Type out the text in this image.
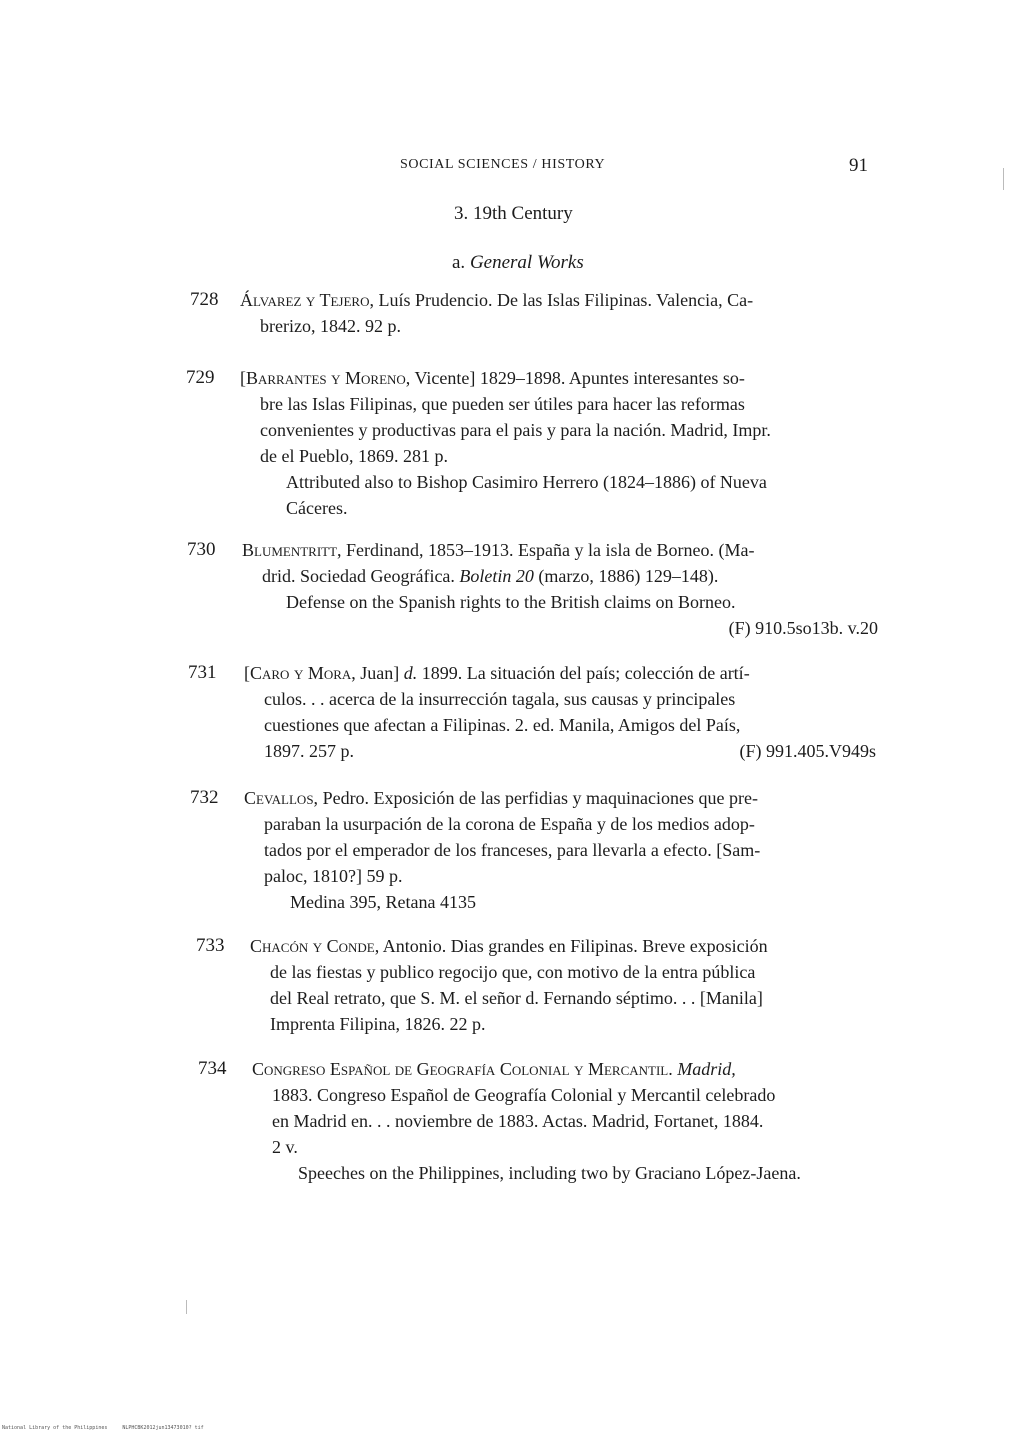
SOCIAL SCIENCES / HISTORY	91
3. 19th Century
a. General Works
728 Álvarez y Tejero, Luís Prudencio. De las Islas Filipinas. Valencia, Ca-
brerizo, 1842. 92 p.
729 [Barrantes y Moreno, Vicente] 1829–1898. Apuntes interesantes so-
bre las Islas Filipinas, que pueden ser útiles para hacer las reformas
convenientes y productivas para el pais y para la nación. Madrid, Impr.
de el Pueblo, 1869. 281 p.
Attributed also to Bishop Casimiro Herrero (1824–1886) of Nueva
Cáceres.
730 Blumentritt, Ferdinand, 1853–1913. España y la isla de Borneo. (Ma-
drid. Sociedad Geográfica. Boletin 20 (marzo, 1886) 129–148).
Defense on the Spanish rights to the British claims on Borneo.
(F) 910.5so13b. v.20
731 [Caro y Mora, Juan] d. 1899. La situación del país; colección de artí-
culos. . . acerca de la insurrección tagala, sus causas y principales
cuestiones que afectan a Filipinas. 2. ed. Manila, Amigos del País,
1897. 257 p.	(F) 991.405.V949s
732 Cevallos, Pedro. Exposición de las perfidias y maquinaciones que pre-
paraban la usurpación de la corona de España y de los medios adop-
tados por el emperador de los franceses, para llevarla a efecto. [Sam-
paloc, 1810?] 59 p.
Medina 395, Retana 4135
733 Chacón y Conde, Antonio. Dias grandes en Filipinas. Breve exposición
de las fiestas y publico regocijo que, con motivo de la entra pública
del Real retrato, que S. M. el señor d. Fernando séptimo. . . [Manila]
Imprenta Filipina, 1826. 22 p.
734 Congreso Español de Geografía Colonial y Mercantil. Madrid,
1883. Congreso Español de Geografía Colonial y Mercantil celebrado
en Madrid en. . . noviembre de 1883. Actas. Madrid, Fortanet, 1884.
2 v.
Speeches on the Philippines, including two by Graciano López-Jaena.
National Library of the Philippines	NLPHCBK2012jun13473010? tif
